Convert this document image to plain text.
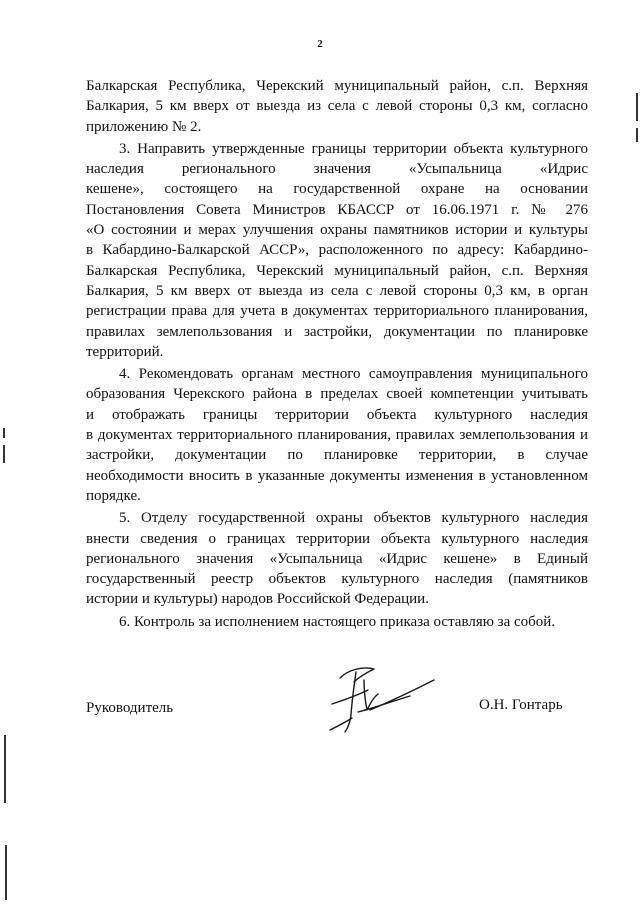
2
Балкарская Республика, Черекский муниципальный район, с.п. Верхняя
Балкария, 5 км вверх от выезда из села с левой стороны 0,3 км, согласно
приложению № 2.
3. Направить утвержденные границы территории объекта культурного
наследия регионального значения «Усыпальница «Идрис
кешене», состоящего на государственной охране на основании
Постановления Совета Министров КБАССР от 16.06.1971 г. № 276
«О состоянии и мерах улучшения охраны памятников истории и культуры
в Кабардино-Балкарской АССР», расположенного по адресу: Кабардино-
Балкарская Республика, Черекский муниципальный район, с.п. Верхняя
Балкария, 5 км вверх от выезда из села с левой стороны 0,3 км, в орган
регистрации права для учета в документах территориального планирования,
правилах землепользования и застройки, документации по планировке
территорий.
4. Рекомендовать органам местного самоуправления муниципального
образования Черекского района в пределах своей компетенции учитывать
и отображать границы территории объекта культурного наследия
в документах территориального планирования, правилах землепользования и
застройки, документации по планировке территории, в случае
необходимости вносить в указанные документы изменения в установленном
порядке.
5. Отделу государственной охраны объектов культурного наследия
внести сведения о границах территории объекта культурного наследия
регионального значения «Усыпальница «Идрис кешене» в Единый
государственный реестр объектов культурного наследия (памятников
истории и культуры) народов Российской Федерации.
6. Контроль за исполнением настоящего приказа оставляю за собой.
Руководитель	О.Н. Гонтарь
